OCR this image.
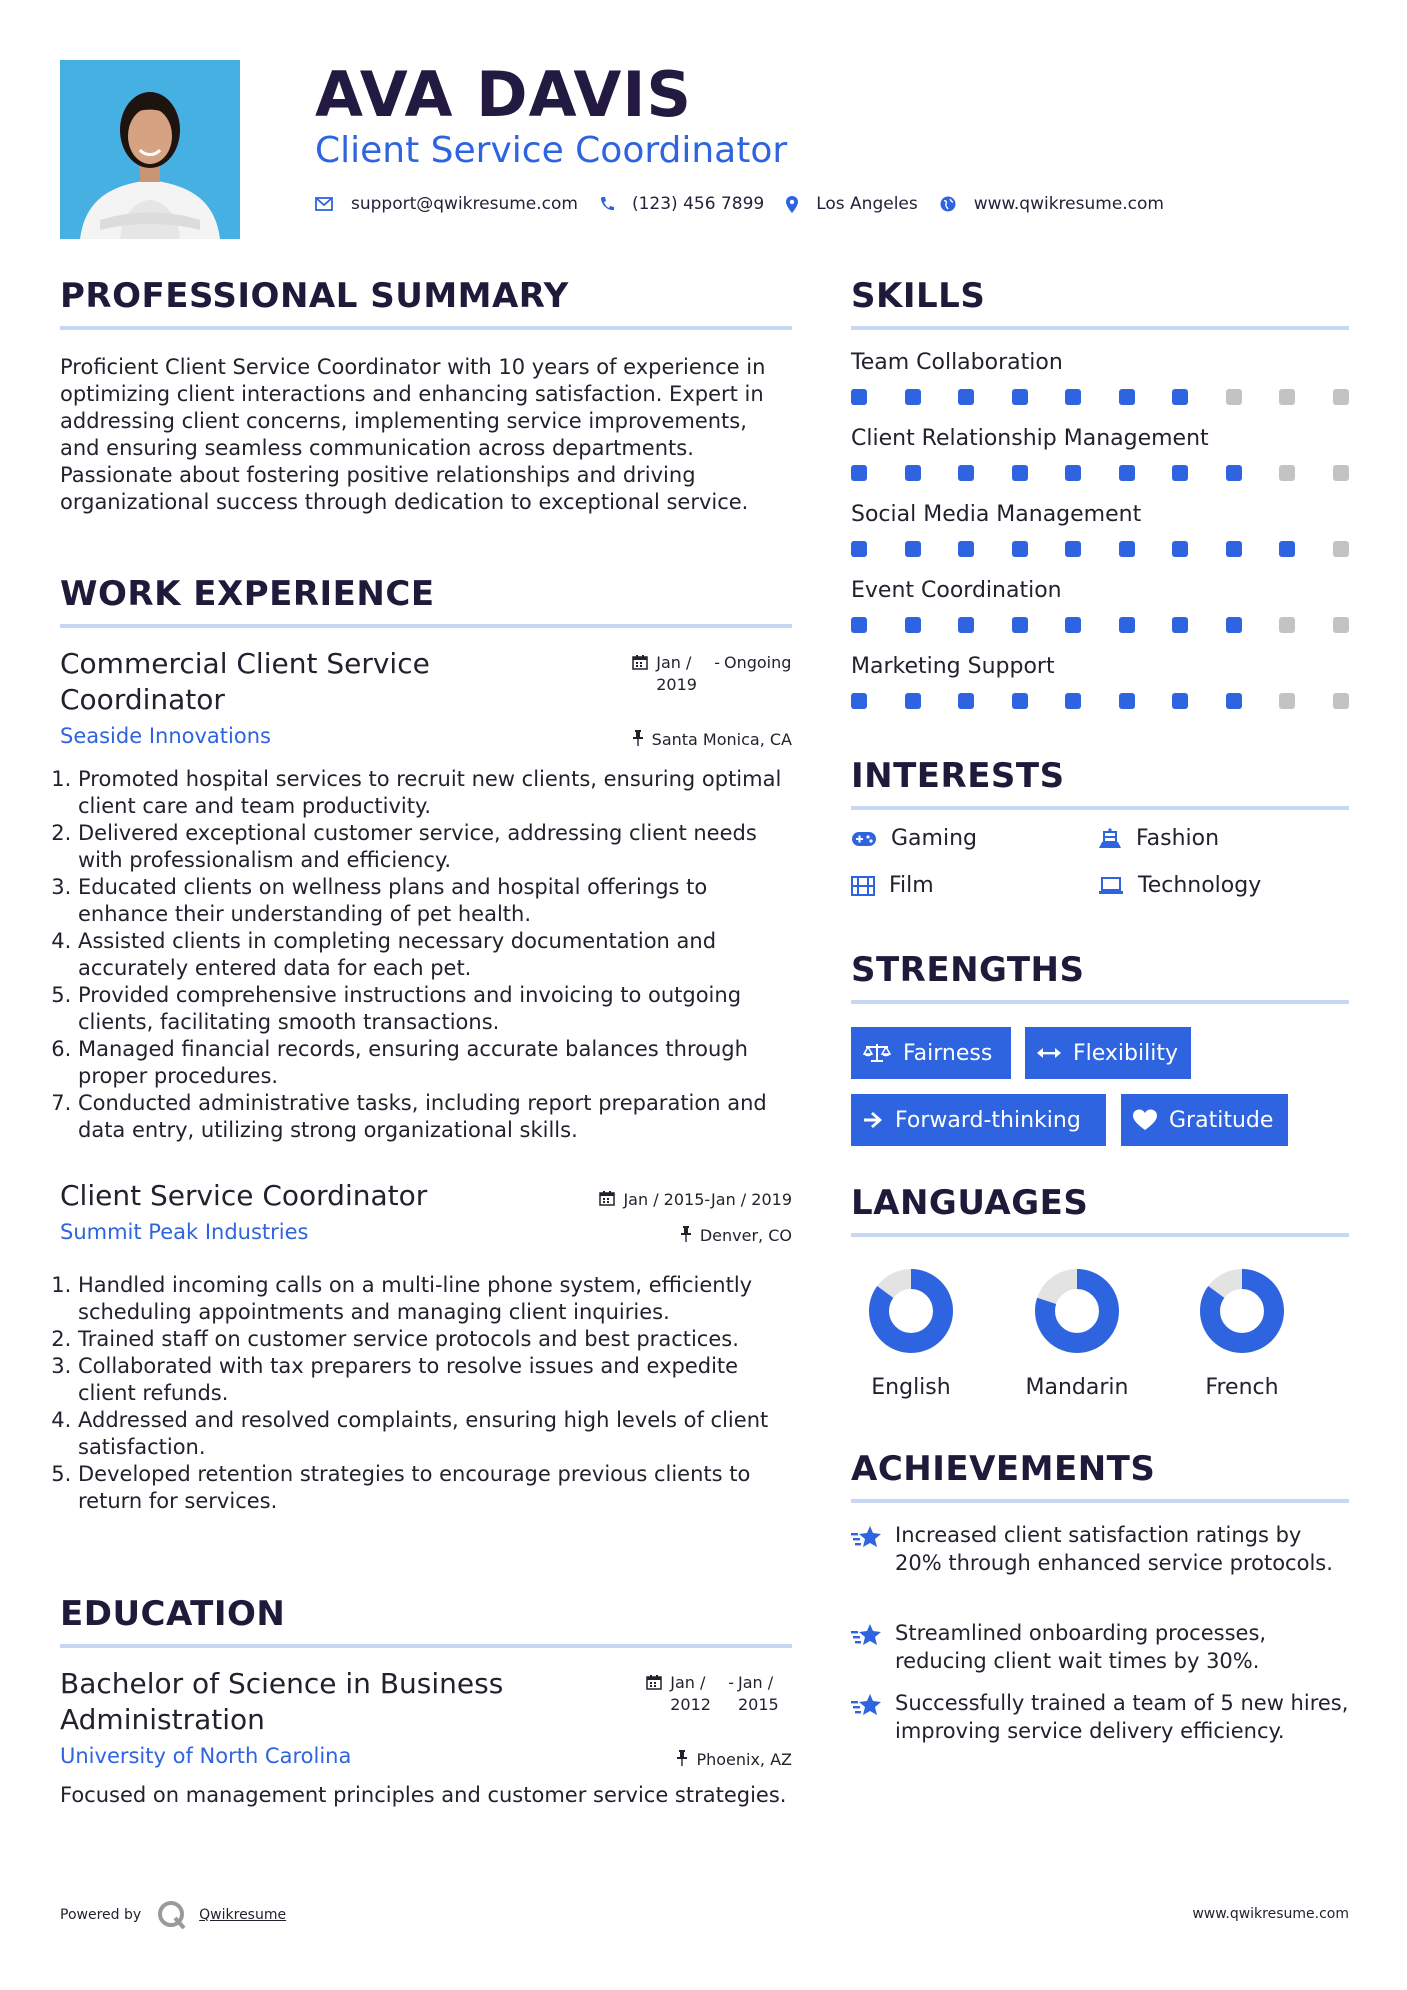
AVA DAVIS
Client Service Coordinator
support@qwikresume.com	(123) 456 7899	Los Angeles	www.qwikresume.com
PROFESSIONAL SUMMARY
Proficient Client Service Coordinator with 10 years of experience in optimizing client interactions and enhancing satisfaction. Expert in addressing client concerns, implementing service improvements, and ensuring seamless communication across departments. Passionate about fostering positive relationships and driving organizational success through dedication to exceptional service.
WORK EXPERIENCE
Commercial Client Service Coordinator
Jan / 2019
- Ongoing
Seaside Innovations	Santa Monica, CA
1. Promoted hospital services to recruit new clients, ensuring optimal client care and team productivity.
2. Delivered exceptional customer service, addressing client needs with professionalism and efficiency.
3. Educated clients on wellness plans and hospital offerings to enhance their understanding of pet health.
4. Assisted clients in completing necessary documentation and accurately entered data for each pet.
5. Provided comprehensive instructions and invoicing to outgoing clients, facilitating smooth transactions.
6. Managed financial records, ensuring accurate balances through proper procedures.
7. Conducted administrative tasks, including report preparation and data entry, utilizing strong organizational skills.
Client Service Coordinator	Jan / 2015-Jan / 2019
Summit Peak Industries	Denver, CO
1. Handled incoming calls on a multi-line phone system, efficiently scheduling appointments and managing client inquiries.
2. Trained staff on customer service protocols and best practices.
3. Collaborated with tax preparers to resolve issues and expedite client refunds.
4. Addressed and resolved complaints, ensuring high levels of client satisfaction.
5. Developed retention strategies to encourage previous clients to return for services.
EDUCATION
Bachelor of Science in Business Administration
Jan / 2012
- Jan / 2015
University of North Carolina	Phoenix, AZ
Focused on management principles and customer service strategies.
SKILLS
Team Collaboration
Client Relationship Management
Social Media Management
Event Coordination
Marketing Support
INTERESTS
Gaming	Fashion
Film	Technology
STRENGTHS
Fairness	Flexibility
Forward-thinking	Gratitude
LANGUAGES
English	Mandarin	French
ACHIEVEMENTS
Increased client satisfaction ratings by 20% through enhanced service protocols.
Streamlined onboarding processes, reducing client wait times by 30%.
Successfully trained a team of 5 new hires, improving service delivery efficiency.
Powered by	Qwikresume	www.qwikresume.com
